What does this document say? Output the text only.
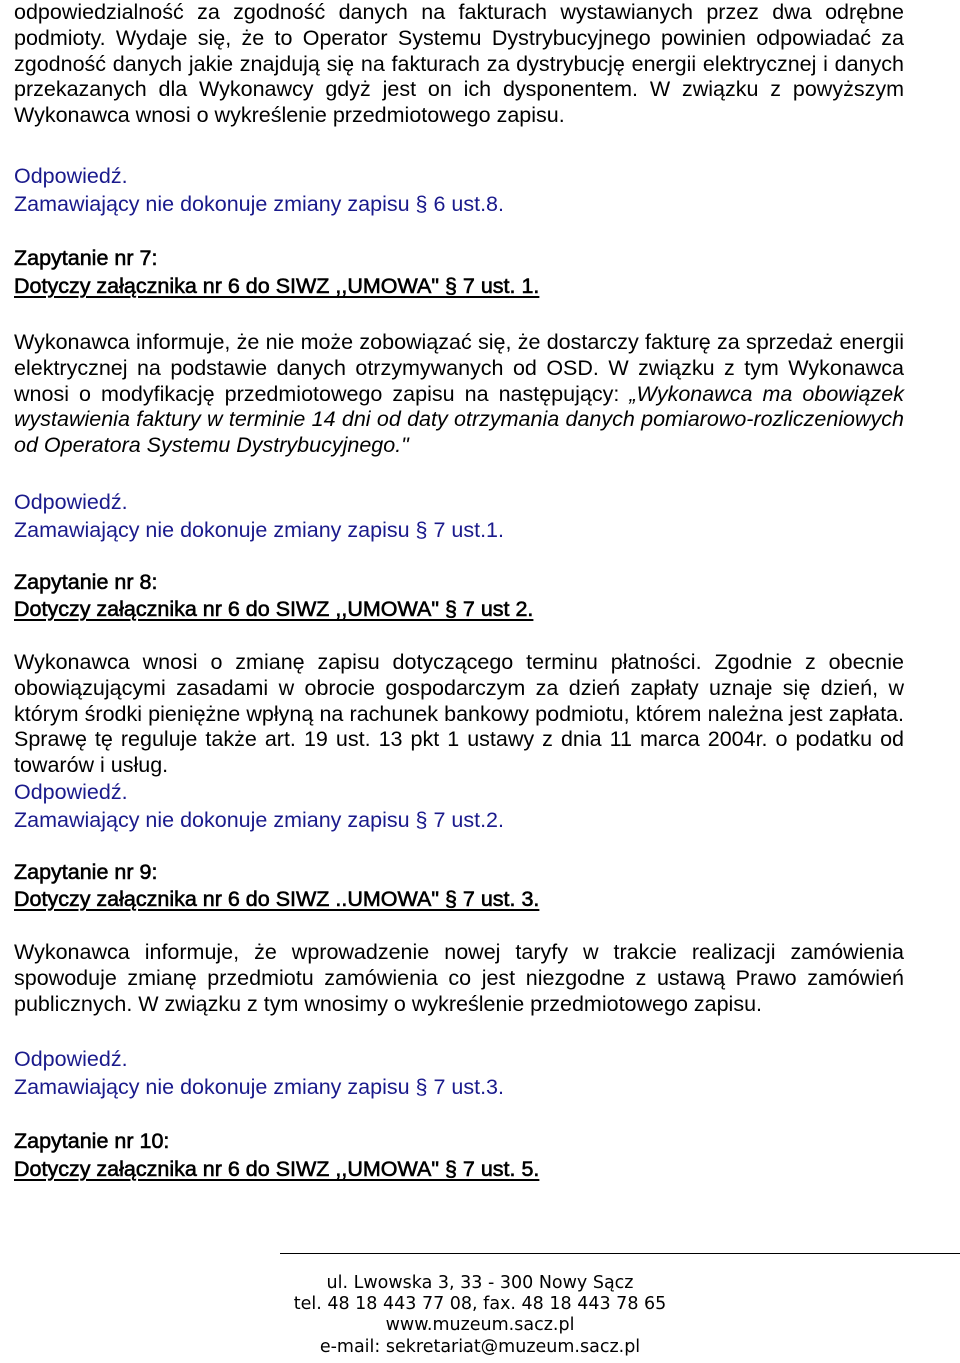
odpowiedzialność za zgodność danych na fakturach wystawianych przez dwa odrębne podmioty. Wydaje się, że to Operator Systemu Dystrybucyjnego powinien odpowiadać za zgodność danych jakie znajdują się na fakturach za dystrybucję energii elektrycznej i danych przekazanych dla Wykonawcy gdyż jest on ich dysponentem. W związku z powyższym Wykonawca wnosi o wykreślenie przedmiotowego zapisu.

Odpowiedź.

Zamawiający nie dokonuje zmiany zapisu § 6 ust.8.

Zapytanie nr 7:

Dotyczy załącznika nr 6 do SIWZ ,,UMOWA" § 7 ust. 1.

Wykonawca informuje, że nie może zobowiązać się, że dostarczy fakturę za sprzedaż energii elektrycznej na podstawie danych otrzymywanych od OSD. W związku z tym Wykonawca wnosi o modyfikację przedmiotowego zapisu na następujący: „Wykonawca ma obowiązek wystawienia faktury w terminie 14 dni od daty otrzymania danych pomiarowo-rozliczeniowych od Operatora Systemu Dystrybucyjnego."

Odpowiedź.

Zamawiający nie dokonuje zmiany zapisu § 7 ust.1.

Zapytanie nr 8:

Dotyczy załącznika nr 6 do SIWZ ,,UMOWA" § 7 ust 2.

Wykonawca wnosi o zmianę zapisu dotyczącego terminu płatności. Zgodnie z obecnie obowiązującymi zasadami w obrocie gospodarczym za dzień zapłaty uznaje się dzień, w którym środki pieniężne wpłyną na rachunek bankowy podmiotu, którem należna jest zapłata. Sprawę tę reguluje także art. 19 ust. 13 pkt 1 ustawy z dnia 11 marca 2004r. o podatku od towarów i usług.

Odpowiedź.

Zamawiający nie dokonuje zmiany zapisu § 7 ust.2.

Zapytanie nr 9:

Dotyczy załącznika nr 6 do SIWZ ..UMOWA" § 7 ust. 3.

Wykonawca informuje, że wprowadzenie nowej taryfy w trakcie realizacji zamówienia spowoduje zmianę przedmiotu zamówienia co jest niezgodne z ustawą Prawo zamówień publicznych. W związku z tym wnosimy o wykreślenie przedmiotowego zapisu.

Odpowiedź.

Zamawiający nie dokonuje zmiany zapisu § 7 ust.3.

Zapytanie nr 10:

Dotyczy załącznika nr 6 do SIWZ ,,UMOWA" § 7 ust. 5.

ul. Lwowska 3, 33 - 300 Nowy Sącz
tel. 48 18 443 77 08, fax. 48 18 443 78 65
www.muzeum.sacz.pl
e-mail: sekretariat@muzeum.sacz.pl
